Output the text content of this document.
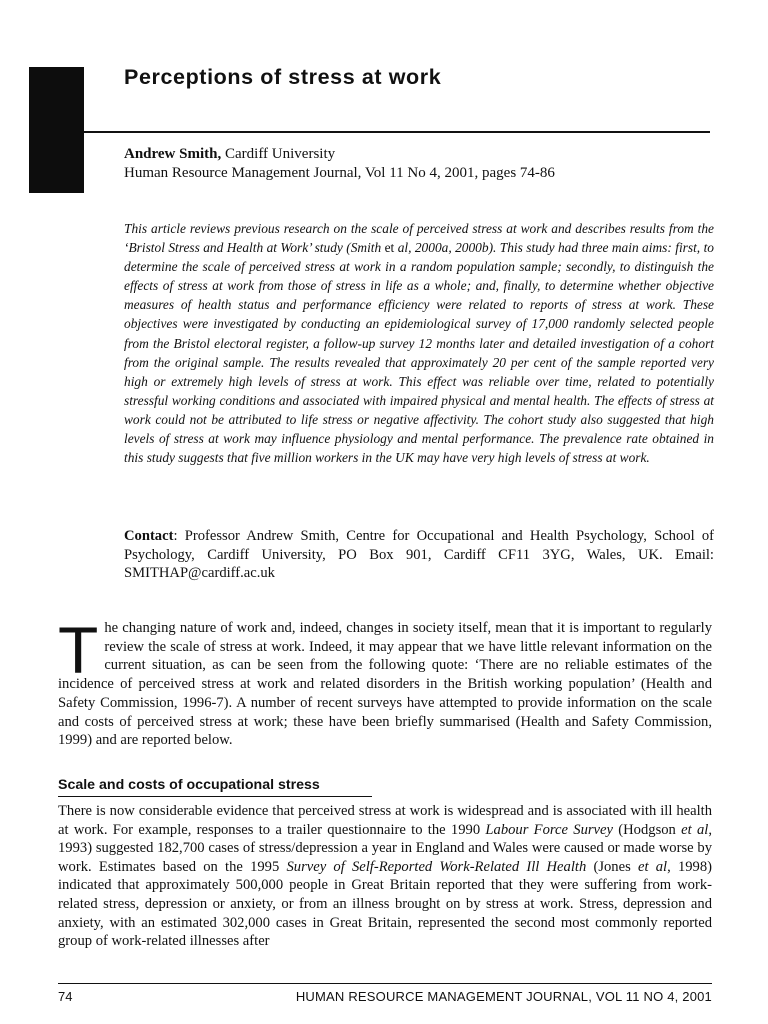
Perceptions of stress at work
Andrew Smith, Cardiff University
Human Resource Management Journal, Vol 11 No 4, 2001, pages 74-86

This article reviews previous research on the scale of perceived stress at work and describes results from the ‘Bristol Stress and Health at Work’ study (Smith et al, 2000a, 2000b). This study had three main aims: first, to determine the scale of perceived stress at work in a random population sample; secondly, to distinguish the effects of stress at work from those of stress in life as a whole; and, finally, to determine whether objective measures of health status and performance efficiency were related to reports of stress at work. These objectives were investigated by conducting an epidemiological survey of 17,000 randomly selected people from the Bristol electoral register, a follow-up survey 12 months later and detailed investigation of a cohort from the original sample. The results revealed that approximately 20 per cent of the sample reported very high or extremely high levels of stress at work. This effect was reliable over time, related to potentially stressful working conditions and associated with impaired physical and mental health. The effects of stress at work could not be attributed to life stress or negative affectivity. The cohort study also suggested that high levels of stress at work may influence physiology and mental performance. The prevalence rate obtained in this study suggests that five million workers in the UK may have very high levels of stress at work.

Contact: Professor Andrew Smith, Centre for Occupational and Health Psychology, School of Psychology, Cardiff University, PO Box 901, Cardiff CF11 3YG, Wales, UK. Email: SMITHAP@cardiff.ac.uk

The changing nature of work and, indeed, changes in society itself, mean that it is important to regularly review the scale of stress at work. Indeed, it may appear that we have little relevant information on the current situation, as can be seen from the following quote: ‘There are no reliable estimates of the incidence of perceived stress at work and related disorders in the British working population’ (Health and Safety Commission, 1996-7). A number of recent surveys have attempted to provide information on the scale and costs of perceived stress at work; these have been briefly summarised (Health and Safety Commission, 1999) and are reported below.

Scale and costs of occupational stress

There is now considerable evidence that perceived stress at work is widespread and is associated with ill health at work. For example, responses to a trailer questionnaire to the 1990 Labour Force Survey (Hodgson et al, 1993) suggested 182,700 cases of stress/depression a year in England and Wales were caused or made worse by work. Estimates based on the 1995 Survey of Self-Reported Work-Related Ill Health (Jones et al, 1998) indicated that approximately 500,000 people in Great Britain reported that they were suffering from work-related stress, depression or anxiety, or from an illness brought on by stress at work. Stress, depression and anxiety, with an estimated 302,000 cases in Great Britain, represented the second most commonly reported group of work-related illnesses after

74	HUMAN RESOURCE MANAGEMENT JOURNAL, VOL 11 NO 4, 2001
